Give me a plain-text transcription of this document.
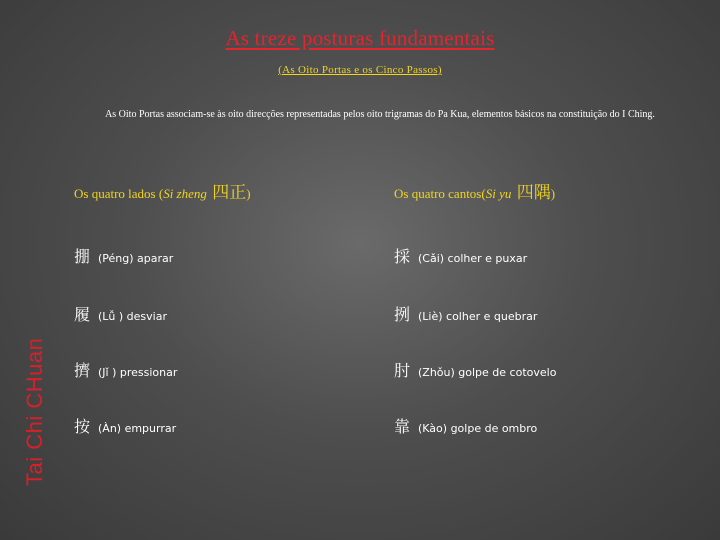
As treze posturas fundamentais
(As Oito Portas e os Cinco Passos)
As Oito Portas associam-se às oito direcções representadas pelos oito trigramas do Pa Kua, elementos básicos na constituição do I Ching.
Tai Chi CHuan
Os quatro lados (Si zheng 四正)
掤 (Péng) aparar
履 (Lǚ ) desviar
擠 (Jǐ ) pressionar
按 (Àn) empurrar
Os quatro cantos(Si yu 四隅)
採 (Cǎi) colher e puxar
挒 (Liè) colher e quebrar
肘 (Zhǒu) golpe de cotovelo
靠 (Kào) golpe de ombro
